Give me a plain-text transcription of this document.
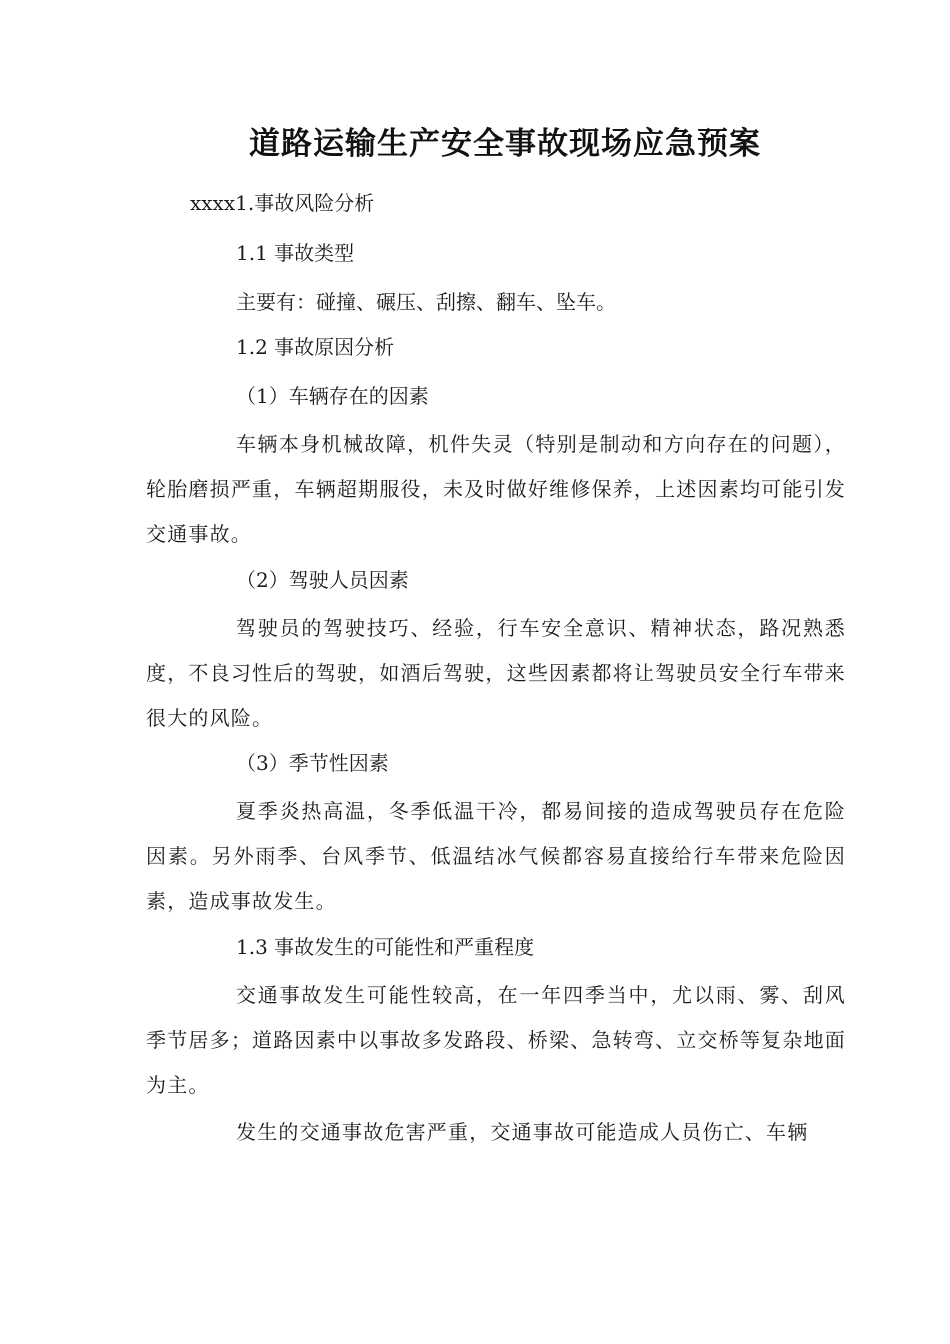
道路运输生产安全事故现场应急预案

xxxx1.事故风险分析

1.1 事故类型

主要有：碰撞、碾压、刮擦、翻车、坠车。

1.2 事故原因分析

（1）车辆存在的因素

车辆本身机械故障，机件失灵（特别是制动和方向存在的问题），轮胎磨损严重，车辆超期服役，未及时做好维修保养，上述因素均可能引发交通事故。

（2）驾驶人员因素

驾驶员的驾驶技巧、经验，行车安全意识、精神状态，路况熟悉度，不良习性后的驾驶，如酒后驾驶，这些因素都将让驾驶员安全行车带来很大的风险。

（3）季节性因素

夏季炎热高温，冬季低温干冷，都易间接的造成驾驶员存在危险因素。另外雨季、台风季节、低温结冰气候都容易直接给行车带来危险因素，造成事故发生。

1.3 事故发生的可能性和严重程度

交通事故发生可能性较高，在一年四季当中，尤以雨、雾、刮风季节居多；道路因素中以事故多发路段、桥梁、急转弯、立交桥等复杂地面为主。

发生的交通事故危害严重，交通事故可能造成人员伤亡、车辆
